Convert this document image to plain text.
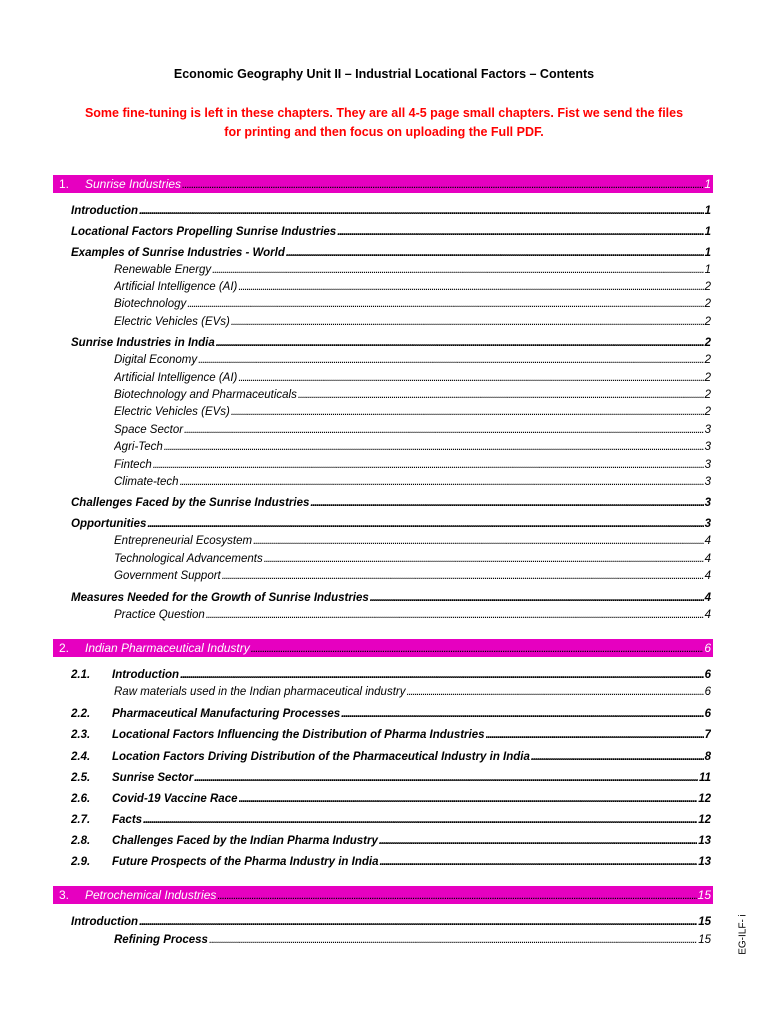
Economic Geography Unit II – Industrial Locational Factors – Contents
Some fine-tuning is left in these chapters. They are all 4-5 page small chapters. Fist we send the files
for printing and then focus on uploading the Full PDF.
1.	Sunrise Industries . . .	1
Introduction . . .	1
Locational Factors Propelling Sunrise Industries . . .	1
Examples of Sunrise Industries - World . . .	1
Renewable Energy . . .	1
Artificial Intelligence (AI) . . .	2
Biotechnology . . .	2
Electric Vehicles (EVs) . . .	2
Sunrise Industries in India . . .	2
Digital Economy . . .	2
Artificial Intelligence (AI) . . .	2
Biotechnology and Pharmaceuticals . . .	2
Electric Vehicles (EVs) . . .	2
Space Sector . . .	3
Agri-Tech . . .	3
Fintech . . .	3
Climate-tech . . .	3
Challenges Faced by the Sunrise Industries . . .	3
Opportunities . . .	3
Entrepreneurial Ecosystem . . .	4
Technological Advancements . . .	4
Government Support . . .	4
Measures Needed for the Growth of Sunrise Industries . . .	4
Practice Question . . .	4
2.	Indian Pharmaceutical Industry . . .	6
2.1.	Introduction . . .	6
Raw materials used in the Indian pharmaceutical industry . . .	6
2.2.	Pharmaceutical Manufacturing Processes . . .	6
2.3.	Locational Factors Influencing the Distribution of Pharma Industries . . .	7
2.4.	Location Factors Driving Distribution of the Pharmaceutical Industry in India . . .	8
2.5.	Sunrise Sector . . .	11
2.6.	Covid-19 Vaccine Race . . .	12
2.7.	Facts . . .	12
2.8.	Challenges Faced by the Indian Pharma Industry . . .	13
2.9.	Future Prospects of the Pharma Industry in India . . .	13
3.	Petrochemical Industries . . .	15
Introduction . . .	15
Refining Process . . .	15	EG-ILF- i
